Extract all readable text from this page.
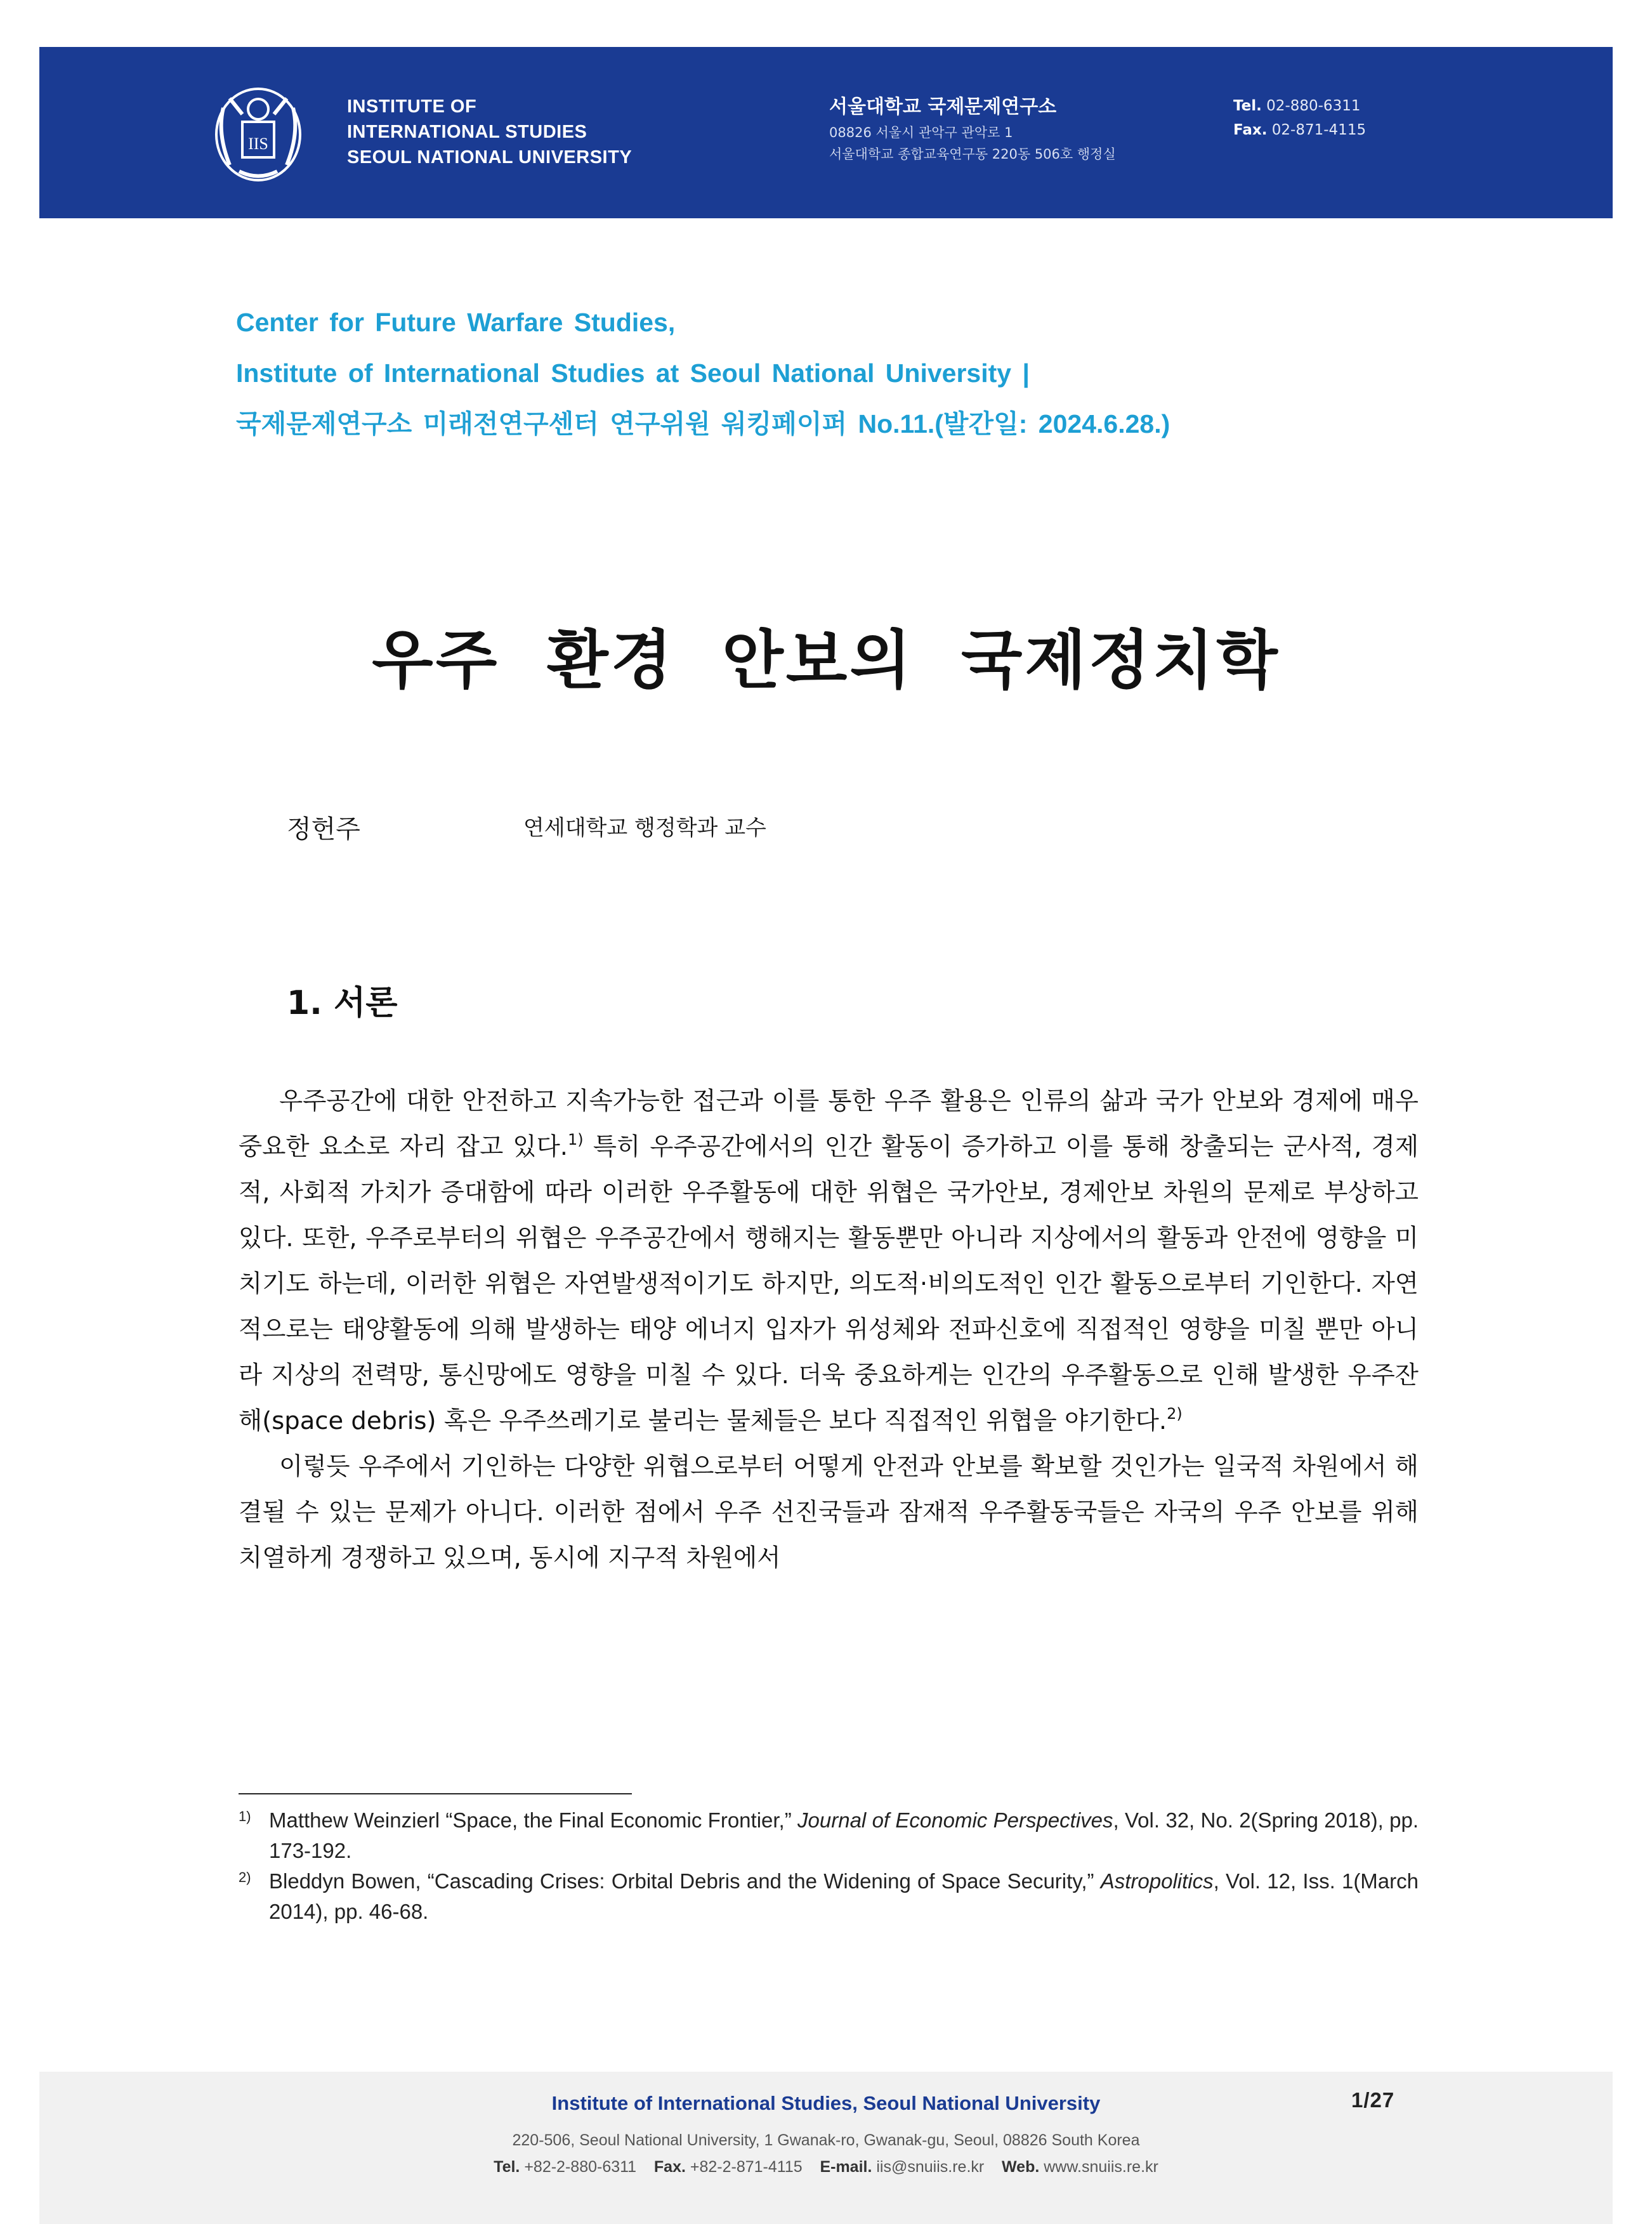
IIS
INSTITUTE OF
INTERNATIONAL STUDIES
SEOUL NATIONAL UNIVERSITY
서울대학교 국제문제연구소
08826 서울시 관악구 관악로 1
서울대학교 종합교육연구동 220동 506호 행정실
Tel. 02-880-6311
Fax. 02-871-4115
Center for Future Warfare Studies,
Institute of International Studies at Seoul National University |
국제문제연구소 미래전연구센터 연구위원 워킹페이퍼 No.11.(발간일: 2024.6.28.)
우주 환경 안보의 국제정치학
정헌주	연세대학교 행정학과 교수
1. 서론

우주공간에 대한 안전하고 지속가능한 접근과 이를 통한 우주 활용은 인류의 삶과 국가 안보와 경제에 매우 중요한 요소로 자리 잡고 있다.$^{1)}$ 특히 우주공간에서의 인간 활동이 증가하고 이를 통해 창출되는 군사적, 경제적, 사회적 가치가 증대함에 따라 이러한 우주활동에 대한 위협은 국가안보, 경제안보 차원의 문제로 부상하고 있다. 또한, 우주로부터의 위협은 우주공간에서 행해지는 활동뿐만 아니라 지상에서의 활동과 안전에 영향을 미치기도 하는데, 이러한 위협은 자연발생적이기도 하지만, 의도적·비의도적인 인간 활동으로부터 기인한다. 자연적으로는 태양활동에 의해 발생하는 태양 에너지 입자가 위성체와 전파신호에 직접적인 영향을 미칠 뿐만 아니라 지상의 전력망, 통신망에도 영향을 미칠 수 있다. 더욱 중요하게는 인간의 우주활동으로 인해 발생한 우주잔해(space debris) 혹은 우주쓰레기로 불리는 물체들은 보다 직접적인 위협을 야기한다.$^{2)}$

이렇듯 우주에서 기인하는 다양한 위협으로부터 어떻게 안전과 안보를 확보할 것인가는 일국적 차원에서 해결될 수 있는 문제가 아니다. 이러한 점에서 우주 선진국들과 잠재적 우주활동국들은 자국의 우주 안보를 위해 치열하게 경쟁하고 있으며, 동시에 지구적 차원에서

1) Matthew Weinzierl “Space, the Final Economic Frontier,” Journal of Economic Perspectives, Vol. 32, No. 2(Spring 2018), pp. 173-192.
2) Bleddyn Bowen, “Cascading Crises: Orbital Debris and the Widening of Space Security,” Astropolitics, Vol. 12, Iss. 1(March 2014), pp. 46-68.
Institute of International Studies, Seoul National University	1/27
220-506, Seoul National University, 1 Gwanak-ro, Gwanak-gu, Seoul, 08826 South Korea
Tel. +82-2-880-6311 Fax. +82-2-871-4115 E-mail. iis@snuiis.re.kr Web. www.snuiis.re.kr
